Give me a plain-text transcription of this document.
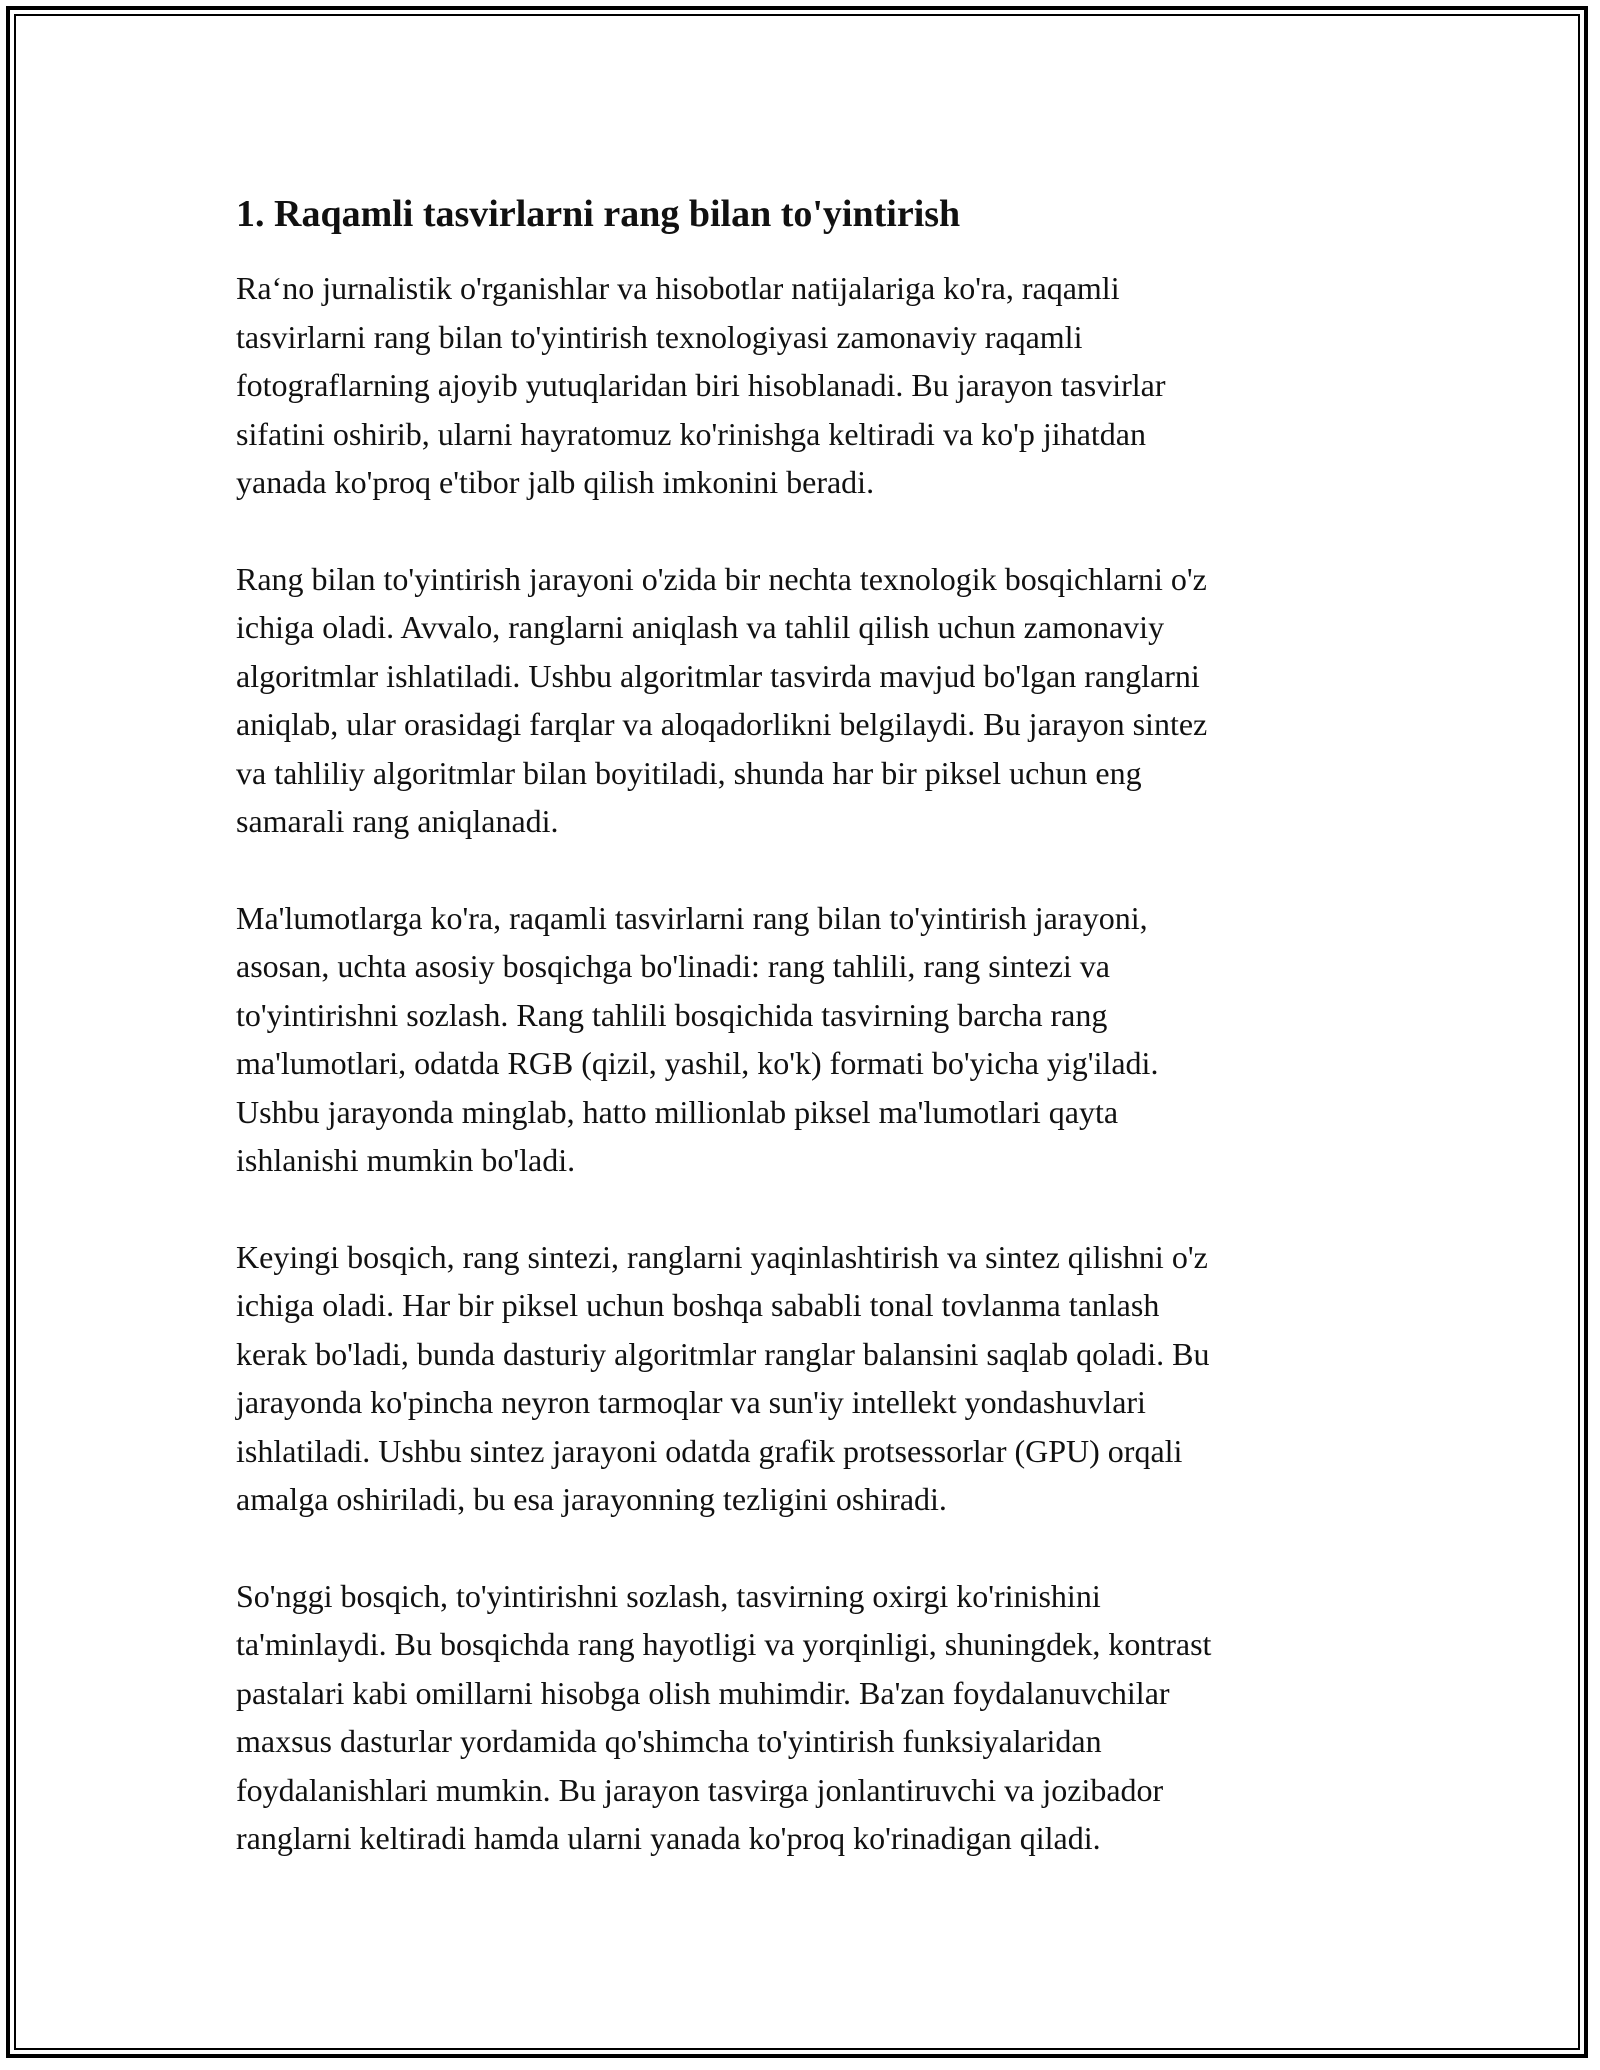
1. Raqamli tasvirlarni rang bilan to'yintirish

Ra‘no jurnalistik o'rganishlar va hisobotlar natijalariga ko'ra, raqamli
tasvirlarni rang bilan to'yintirish texnologiyasi zamonaviy raqamli
fotograflarning ajoyib yutuqlaridan biri hisoblanadi. Bu jarayon tasvirlar
sifatini oshirib, ularni hayratomuz ko'rinishga keltiradi va ko'p jihatdan
yanada ko'proq e'tibor jalb qilish imkonini beradi.

Rang bilan to'yintirish jarayoni o'zida bir nechta texnologik bosqichlarni o'z
ichiga oladi. Avvalo, ranglarni aniqlash va tahlil qilish uchun zamonaviy
algoritmlar ishlatiladi. Ushbu algoritmlar tasvirda mavjud bo'lgan ranglarni
aniqlab, ular orasidagi farqlar va aloqadorlikni belgilaydi. Bu jarayon sintez
va tahliliy algoritmlar bilan boyitiladi, shunda har bir piksel uchun eng
samarali rang aniqlanadi.

Ma'lumotlarga ko'ra, raqamli tasvirlarni rang bilan to'yintirish jarayoni,
asosan, uchta asosiy bosqichga bo'linadi: rang tahlili, rang sintezi va
to'yintirishni sozlash. Rang tahlili bosqichida tasvirning barcha rang
ma'lumotlari, odatda RGB (qizil, yashil, ko'k) formati bo'yicha yig'iladi.
Ushbu jarayonda minglab, hatto millionlab piksel ma'lumotlari qayta
ishlanishi mumkin bo'ladi.

Keyingi bosqich, rang sintezi, ranglarni yaqinlashtirish va sintez qilishni o'z
ichiga oladi. Har bir piksel uchun boshqa sababli tonal tovlanma tanlash
kerak bo'ladi, bunda dasturiy algoritmlar ranglar balansini saqlab qoladi. Bu
jarayonda ko'pincha neyron tarmoqlar va sun'iy intellekt yondashuvlari
ishlatiladi. Ushbu sintez jarayoni odatda grafik protsessorlar (GPU) orqali
amalga oshiriladi, bu esa jarayonning tezligini oshiradi.

So'nggi bosqich, to'yintirishni sozlash, tasvirning oxirgi ko'rinishini
ta'minlaydi. Bu bosqichda rang hayotligi va yorqinligi, shuningdek, kontrast
pastalari kabi omillarni hisobga olish muhimdir. Ba'zan foydalanuvchilar
maxsus dasturlar yordamida qo'shimcha to'yintirish funksiyalaridan
foydalanishlari mumkin. Bu jarayon tasvirga jonlantiruvchi va jozibador
ranglarni keltiradi hamda ularni yanada ko'proq ko'rinadigan qiladi.
